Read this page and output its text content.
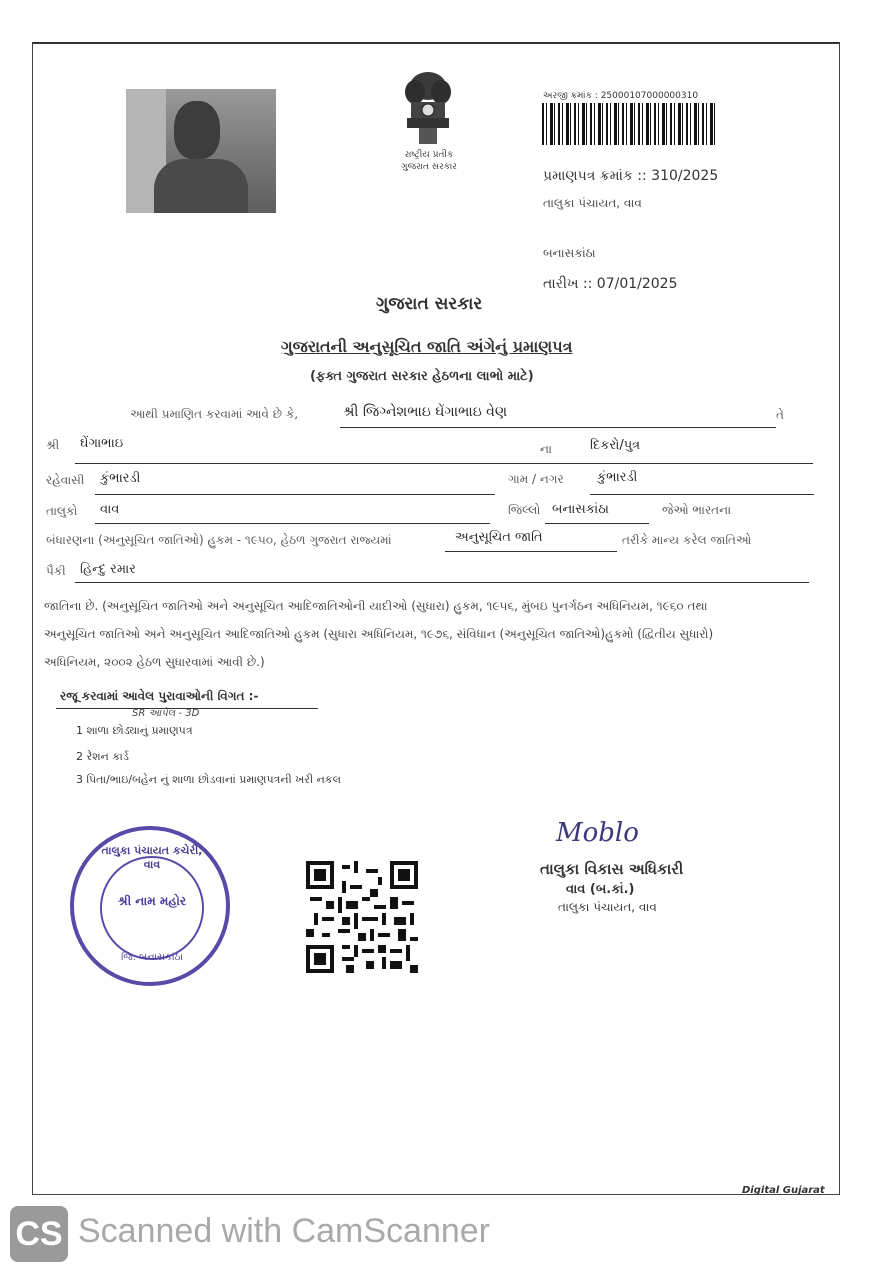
રાષ્ટ્રીય પ્રતીક
ગુજરાત સરકાર
અરજી ક્રમાંક : 25000107000000310
પ્રમાણપત્ર ક્રમાંક :: 310/2025
તાલુકા પંચાયત, વાવ
બનાસકાંઠા
તારીખ :: 07/01/2025
ગુજરાત સરકાર
ગુજરાતની અનુસૂચિત જાતિ અંગેનું પ્રમાણપત્ર
(ફક્ત ગુજરાત સરકાર હેઠળના લાભો માટે)
આથી પ્રમાણિત કરવામાં આવે છે કે,	શ્રી જિગ્નેશભાઇ ઘેંગાભાઇ વેણ	તે
શ્રી ઘેંગાભાઇ	ના	દિકરો/પુત્ર
રહેવાસી કુંભારડી	ગામ / નગર	કુંભારડી
તાલુકો વાવ	જિલ્લો બનાસકાંઠા	જેઓ ભારતના
બંધારણના (અનુસૂચિત જાતિઓ) હુકમ - ૧૯૫૦, હેઠળ ગુજરાત રાજ્યમાં	અનુસૂચિત જાતિ	તરીકે માન્ય કરેલ જાતિઓ
પૈકી હિન્દુ રમાર
જાતિના છે. (અનુસૂચિત જાતિઓ અને અનુસૂચિત આદિજાતિઓની યાદીઓ (સુધારા) હુકમ, ૧૯૫૬, મુંબઇ પુનર્ગઠન અધિનિયમ, ૧૯૬૦ તથા
અનુસૂચિત જાતિઓ અને અનુસૂચિત આદિજાતિઓ હુકમ (સુધારા અધિનિયમ, ૧૯૭૬, સંવિધાન (અનુસૂચિત જાતિઓ)હુકમો (દ્વિતીય સુધારો)
અધિનિયમ, ૨૦૦૨ હેઠળ સુધારવામાં આવી છે.)
રજૂ કરવામાં આવેલ પુરાવાઓની વિગત :-
SR આપેલ - 3D
1 શાળા છોડ્યાનું પ્રમાણપત્ર
2 રેશન કાર્ડ
3 પિતા/ભાઇ/બહેન નું શાળા છોડવાનાં પ્રમાણપત્રની ખરી નકલ
તાલુકા પંચાયત કચેરી, વાવ
શ્રી નામ મહોર
જિ. બનાસકાંઠા
Moblo
તાલુકા વિકાસ અધિકારી
વાવ (બ.કાં.)
તાલુકા પંચાયત, વાવ
Digital Gujarat
CS Scanned with CamScanner
